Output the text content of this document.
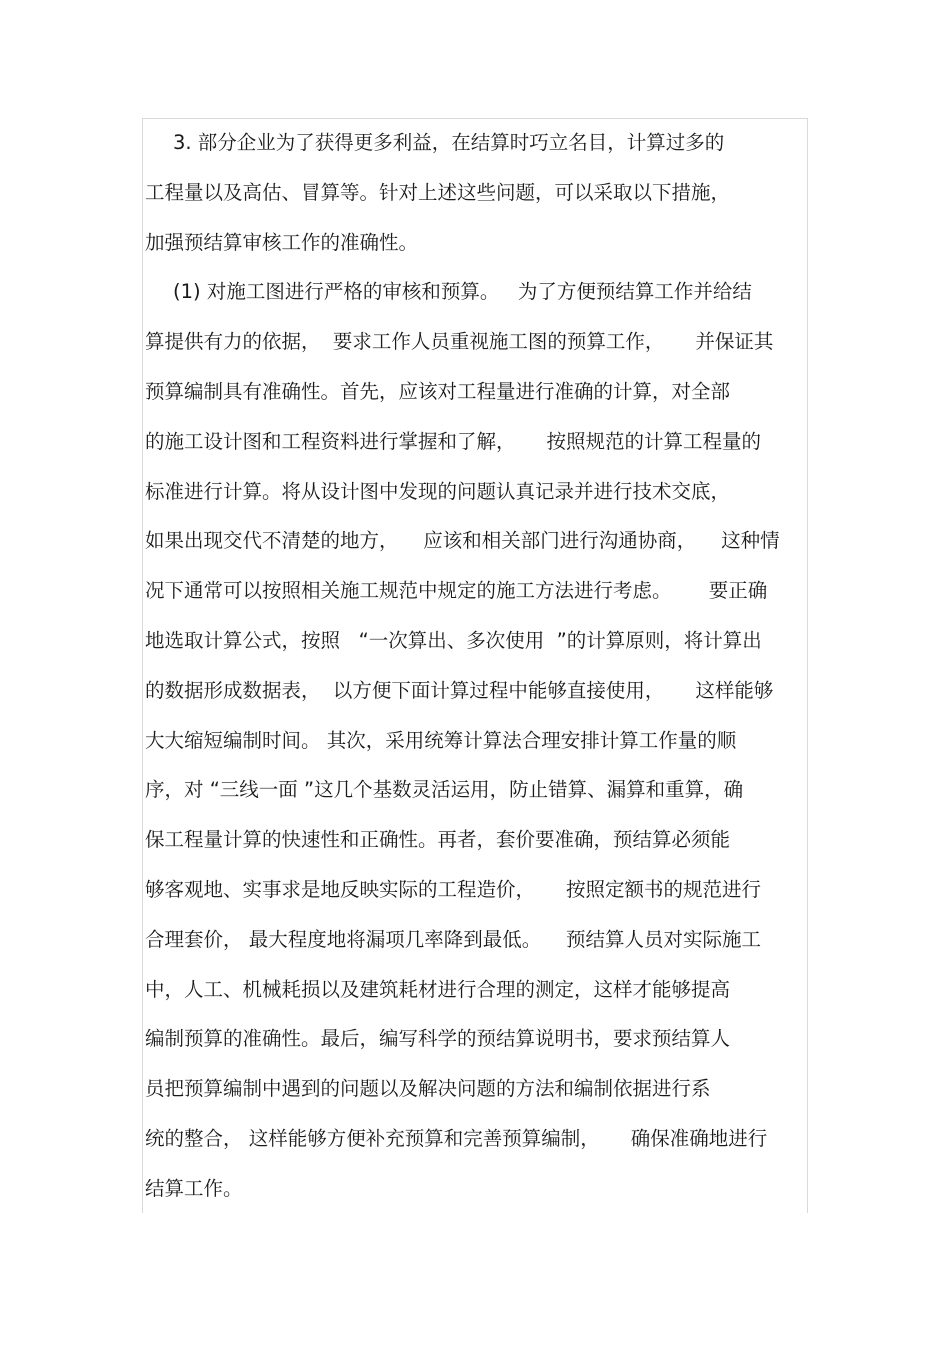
3. 部分企业为了获得更多利益，在结算时巧立名目，计算过多的
工程量以及高估、冒算等。针对上述这些问题，可以采取以下措施，
加强预结算审核工作的准确性。
(1) 对施工图进行严格的审核和预算。   为了方便预结算工作并给结
算提供有力的依据，  要求工作人员重视施工图的预算工作，     并保证其
预算编制具有准确性。首先，应该对工程量进行准确的计算，对全部
的施工设计图和工程资料进行掌握和了解，     按照规范的计算工程量的
标准进行计算。将从设计图中发现的问题认真记录并进行技术交底，
如果出现交代不清楚的地方，    应该和相关部门进行沟通协商，    这种情
况下通常可以按照相关施工规范中规定的施工方法进行考虑。      要正确
地选取计算公式，按照   “一次算出、多次使用  ”的计算原则，将计算出
的数据形成数据表，  以方便下面计算过程中能够直接使用，     这样能够
大大缩短编制时间。 其次，采用统筹计算法合理安排计算工作量的顺
序，对 “三线一面 ”这几个基数灵活运用，防止错算、漏算和重算，确
保工程量计算的快速性和正确性。再者，套价要准确，预结算必须能
够客观地、实事求是地反映实际的工程造价，     按照定额书的规范进行
合理套价， 最大程度地将漏项几率降到最低。    预结算人员对实际施工
中，人工、机械耗损以及建筑耗材进行合理的测定，这样才能够提高
编制预算的准确性。最后，编写科学的预结算说明书，要求预结算人
员把预算编制中遇到的问题以及解决问题的方法和编制依据进行系
统的整合， 这样能够方便补充预算和完善预算编制，     确保准确地进行
结算工作。
